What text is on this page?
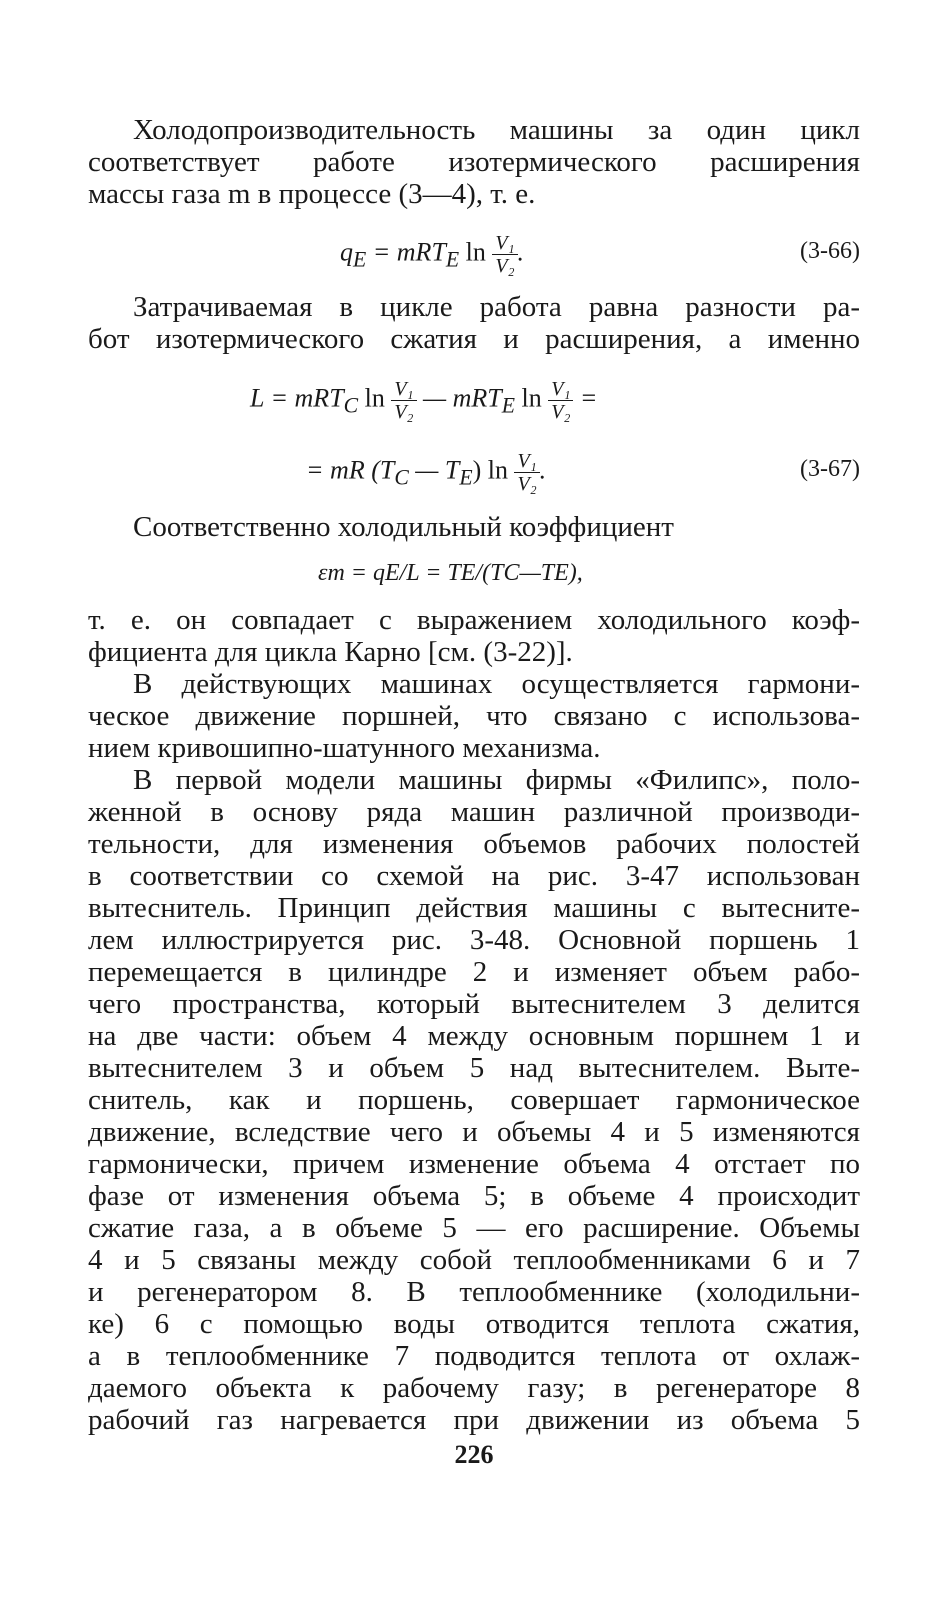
Холодопроизводительность машины за один цикл
соответствует работе изотермического расширения
массы газа m в процессе (3—4), т. е.
$q_E = mRT_E$ $\ln \frac{\text{V₁}}{\text{V₂}}$ .	(3-66)
Затрачиваемая в цикле работа равна разности ра-
бот изотермического сжатия и расширения, а именно
L = mRT$_C$ $\ln \frac{\text{V₁}}{\text{V₂}}$ — mRT$_E$ $\ln \frac{\text{V₁}}{\text{V₂}}$ =
= mR ($T_C$ — $T_E$) $\ln \frac{\text{V₁}}{\text{V₂}}$ .	(3-67)
Соответственно холодильный коэффициент
εт = qE/L = TE/(TC—TE),
т. е. он совпадает с выражением холодильного коэф-
фициента для цикла Карно [см. (3-22)].
В действующих машинах осуществляется гармони-
ческое движение поршней, что связано с использова-
нием кривошипно-шатунного механизма.
В первой модели машины фирмы «Филипс», поло-
женной в основу ряда машин различной производи-
тельности, для изменения объемов рабочих полостей
в соответствии со схемой на рис. 3-47 использован
вытеснитель. Принцип действия машины с вытесните-
лем иллюстрируется рис. 3-48. Основной поршень 1
перемещается в цилиндре 2 и изменяет объем рабо-
чего пространства, который вытеснителем 3 делится
на две части: объем 4 между основным поршнем 1 и
вытеснителем 3 и объем 5 над вытеснителем. Выте-
снитель, как и поршень, совершает гармоническое
движение, вследствие чего и объемы 4 и 5 изменяются
гармонически, причем изменение объема 4 отстает по
фазе от изменения объема 5; в объеме 4 происходит
сжатие газа, а в объеме 5 — его расширение. Объемы
4 и 5 связаны между собой теплообменниками 6 и 7
и регенератором 8. В теплообменнике (холодильни-
ке) 6 с помощью воды отводится теплота сжатия,
а в теплообменнике 7 подводится теплота от охлаж-
даемого объекта к рабочему газу; в регенераторе 8
рабочий газ нагревается при движении из объема 5
226
